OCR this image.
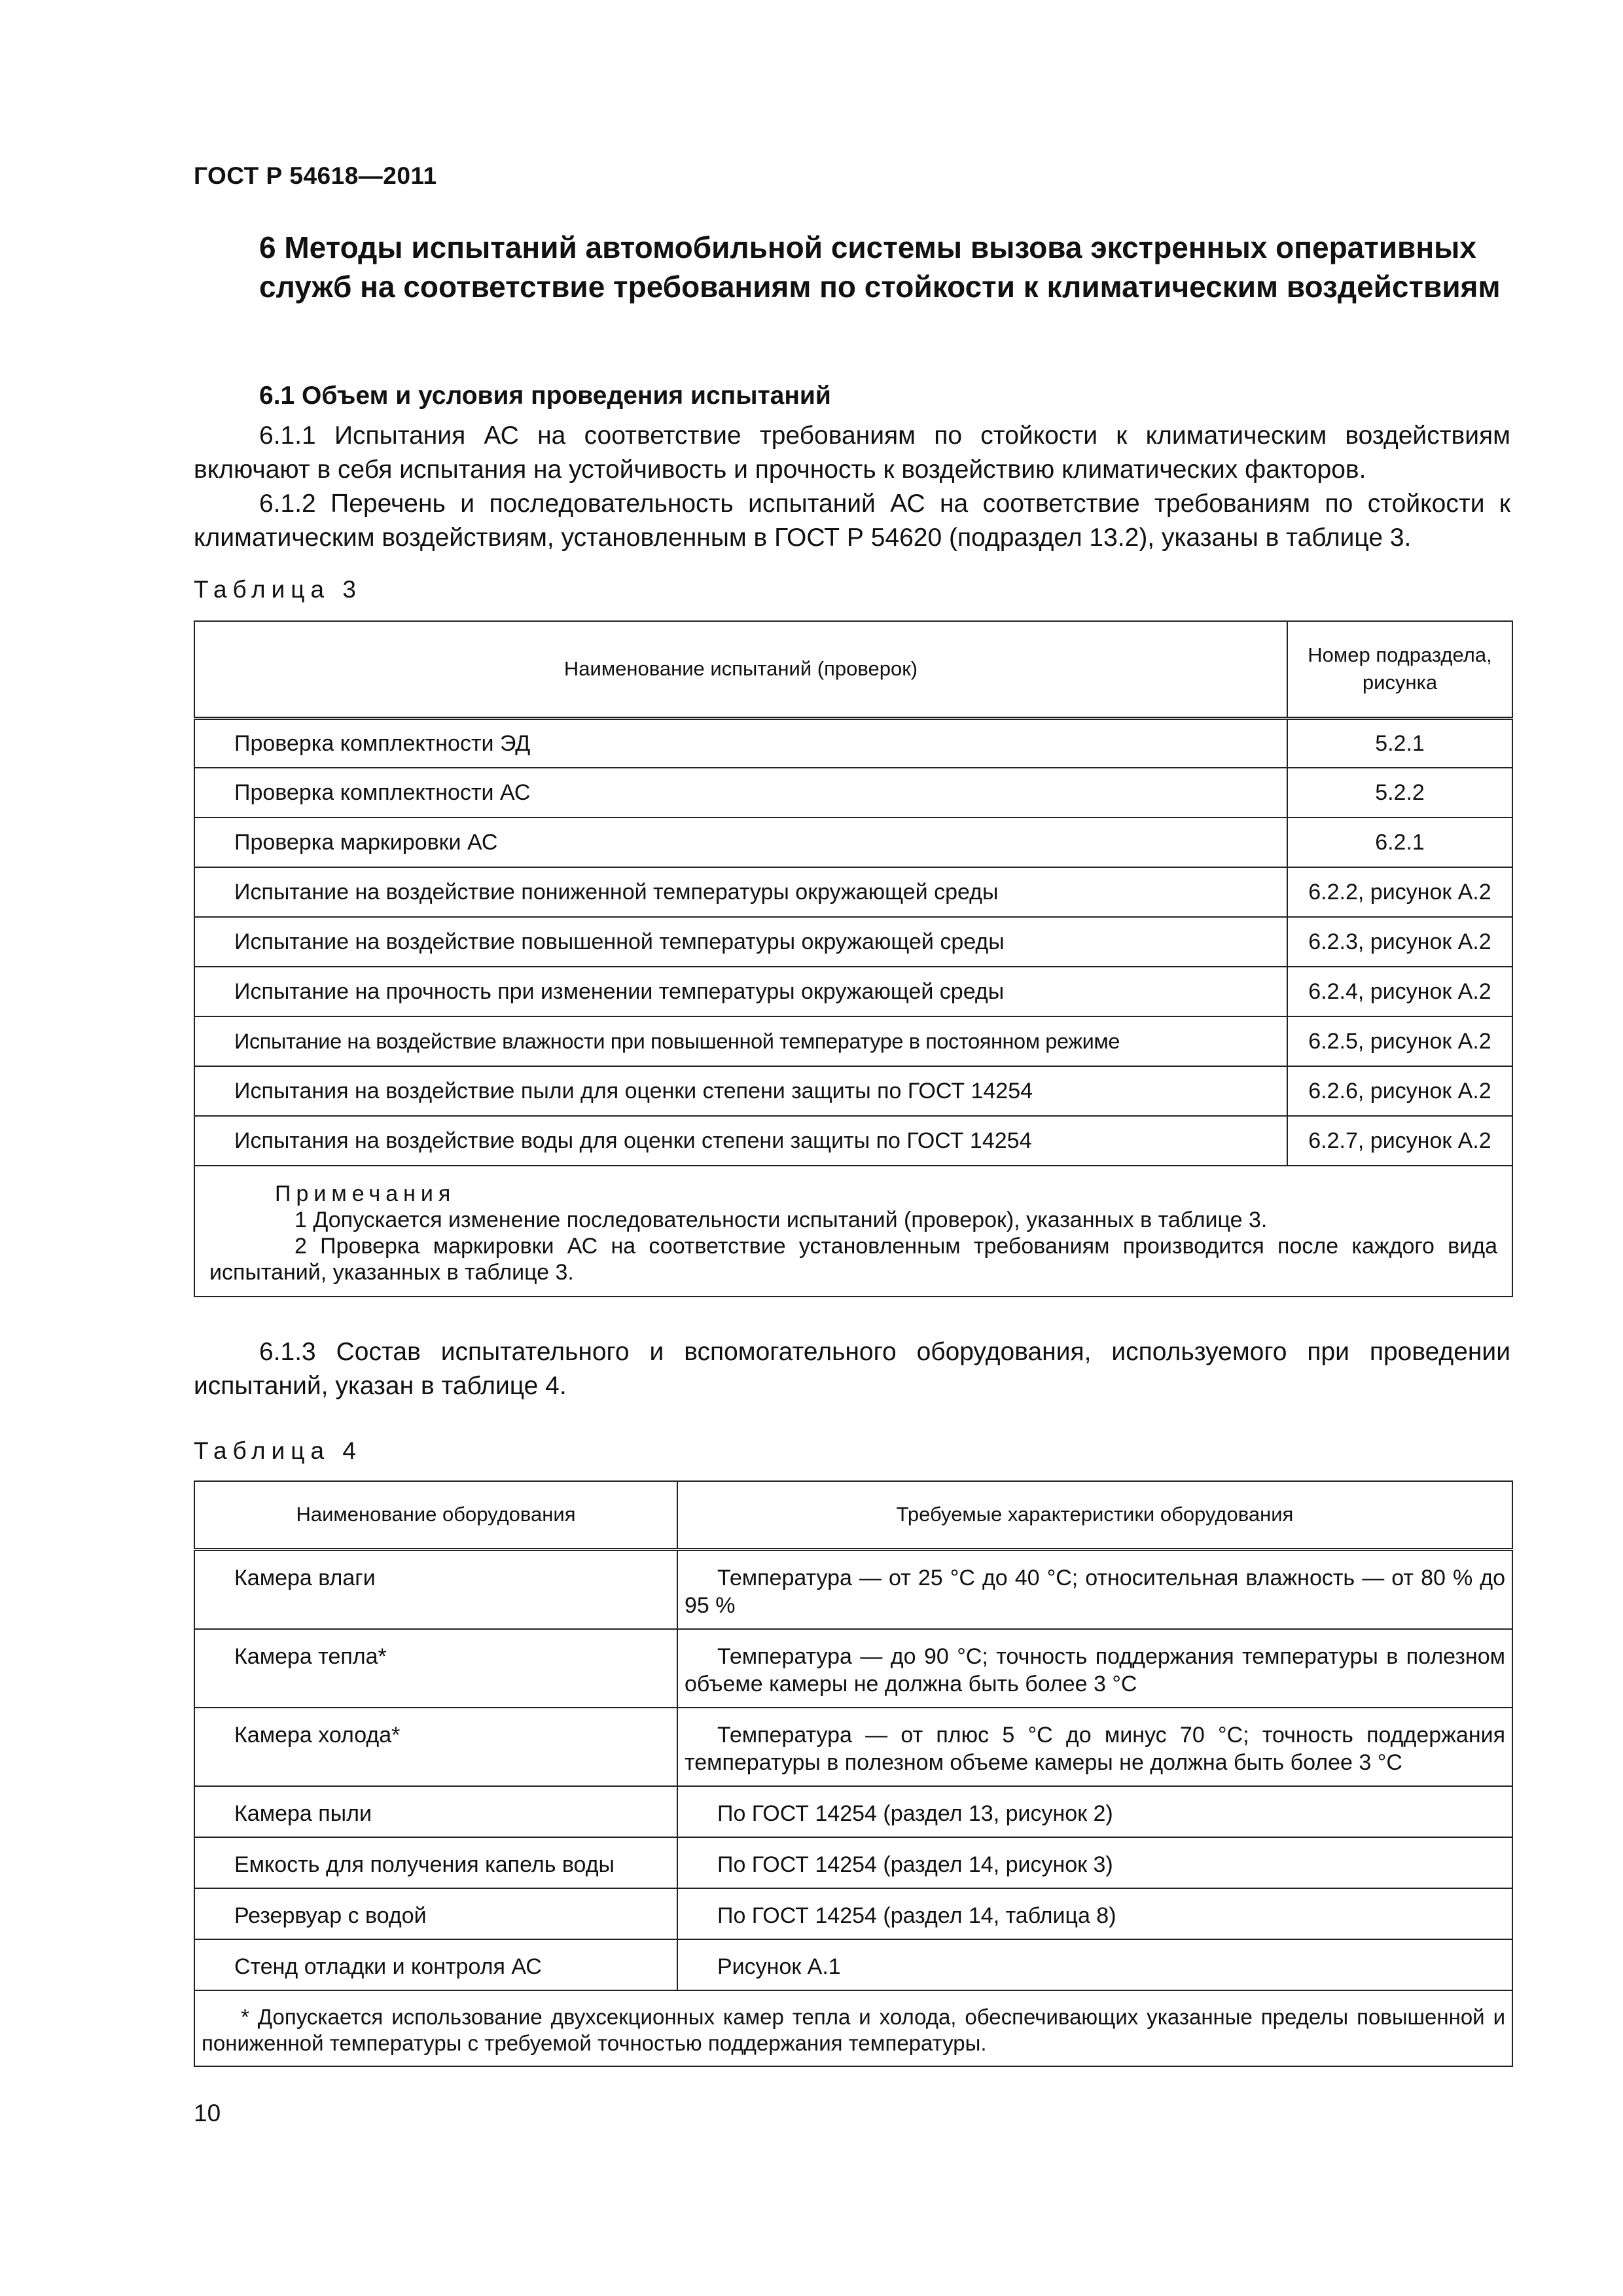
ГОСТ Р 54618—2011
6 Методы испытаний автомобильной системы вызова экстренных оперативных служб на соответствие требованиям по стойкости к климатическим воздействиям
6.1 Объем и условия проведения испытаний

6.1.1 Испытания АС на соответствие требованиям по стойкости к климатическим воздействиям включают в себя испытания на устойчивость и прочность к воздействию климатических факторов.

6.1.2 Перечень и последовательность испытаний АС на соответствие требованиям по стойкости к климатическим воздействиям, установленным в ГОСТ Р 54620 (подраздел 13.2), указаны в таблице 3.

Таблица 3
Наименование испытаний (проверок)	Номер подраздела, рисунка
Проверка комплектности ЭД	5.2.1
Проверка комплектности АС	5.2.2
Проверка маркировки АС	6.2.1
Испытание на воздействие пониженной температуры окружающей среды	6.2.2, рисунок А.2
Испытание на воздействие повышенной температуры окружающей среды	6.2.3, рисунок А.2
Испытание на прочность при изменении температуры окружающей среды	6.2.4, рисунок А.2
Испытание на воздействие влажности при повышенной температуре в постоянном режиме	6.2.5, рисунок А.2
Испытания на воздействие пыли для оценки степени защиты по ГОСТ 14254	6.2.6, рисунок А.2
Испытания на воздействие воды для оценки степени защиты по ГОСТ 14254	6.2.7, рисунок А.2

Примечания
1 Допускается изменение последовательности испытаний (проверок), указанных в таблице 3.
2 Проверка маркировки АС на соответствие установленным требованиям производится после каждого вида испытаний, указанных в таблице 3.	

6.1.3 Состав испытательного и вспомогательного оборудования, используемого при проведении испытаний, указан в таблице 4.

Таблица 4
Наименование оборудования	Требуемые характеристики оборудования
Камера влаги	Температура — от 25 °С до 40 °С; относительная влажность — от 80 % до 95 %
Камера тепла*	Температура — до 90 °С; точность поддержания температуры в полезном объеме камеры не должна быть более 3 °С
Камера холода*	Температура — от плюс 5 °С до минус 70 °С; точность поддержания температуры в полезном объеме камеры не должна быть более 3 °С
Камера пыли	По ГОСТ 14254 (раздел 13, рисунок 2)
Емкость для получения капель воды	По ГОСТ 14254 (раздел 14, рисунок 3)
Резервуар с водой	По ГОСТ 14254 (раздел 14, таблица 8)
Стенд отладки и контроля АС	Рисунок А.1
* Допускается использование двухсекционных камер тепла и холода, обеспечивающих указанные пределы повышенной и пониженной температуры с требуемой точностью поддержания температуры.	
10
